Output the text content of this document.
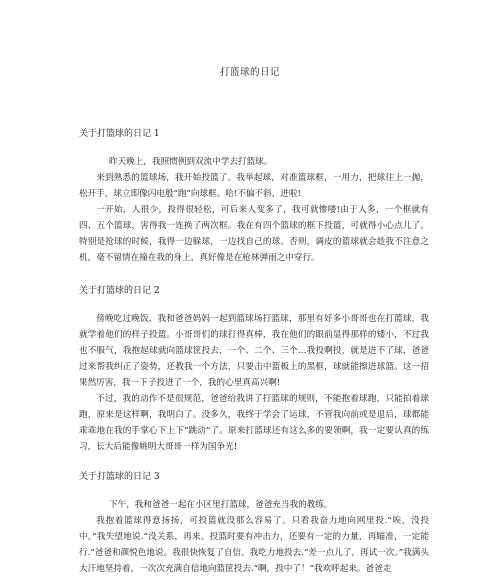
打篮球的日记
关于打篮球的日记 1

昨天晚上，我照惯例到双流中学去打篮球。

来到熟悉的篮球场，我开始投篮了。我举起球，对准篮球框，一用力，把球往上一抛，松开手，球立即像闪电般“跑”向球框。哈!不偏不斜，进啦!

一开始，人很少，投得很轻松，可后来人变多了，我可就惨喽!由于人多，一个框就有四、五个篮球，害得我一连换了两次框。我在有四个篮球的框下投篮，可就得小心点儿了。特别是抢球的时候，我得一边躲球，一边找自己的球。否则，调皮的篮球就会趁我不注意之机，毫不留情在撞在我的身上，真好像是在枪林弹雨之中穿行。

关于打篮球的日记 2

傍晚吃过晚饭，我和爸爸妈妈一起到篮球场打篮球，那里有好多小哥哥也在打篮球，我就学着他们的样子投篮。小哥哥们的球打得真棒，我在他们的眼前显得那样的矮小，不过我也不服气，我抱起球就向篮球筐投去，一个、二个、三个…我投啊投，就是进不了球，爸爸过来帮我纠正了姿势，还教我一个方法，只要击中篮板上的黑框，球就能擦进球篮。这一招果然厉害，我一下子投进了一个，我的心里真高兴啊!

不过，我的动作不是很规范，爸爸给我讲了打篮球的规则，不能抱着球跑，只能拍着球跑，原来是这样啊，我明白了。没多久，我终于学会了运球，不管我向前或是退后，球都能乖乖地在我的手掌心下上下“跳动”了。原来打篮球还有这么多的要领啊，我一定要认真的练习，长大后能像姚明大哥哥一样为国争光!

关于打篮球的日记 3

下午，我和爸爸一起在小区里打篮球，爸爸充当我的教练。

我抱着篮球得意扬扬，可投篮就没那么容易了。只看我奋力地向网里投.“唉，没投中。”我失望地说.“没关系，再来。投篮时要有冲击力，还要有一定的力量，再瞄准，一定能行.”爸爸和颜悦色地说。我很快恢复了自信。我吃力地投去.“差一点儿了，再试一次。”我满头大汗地坚持着，一次次充满自信地向篮筐投去.“啊，投中了！”我欢呼起来。爸爸走
